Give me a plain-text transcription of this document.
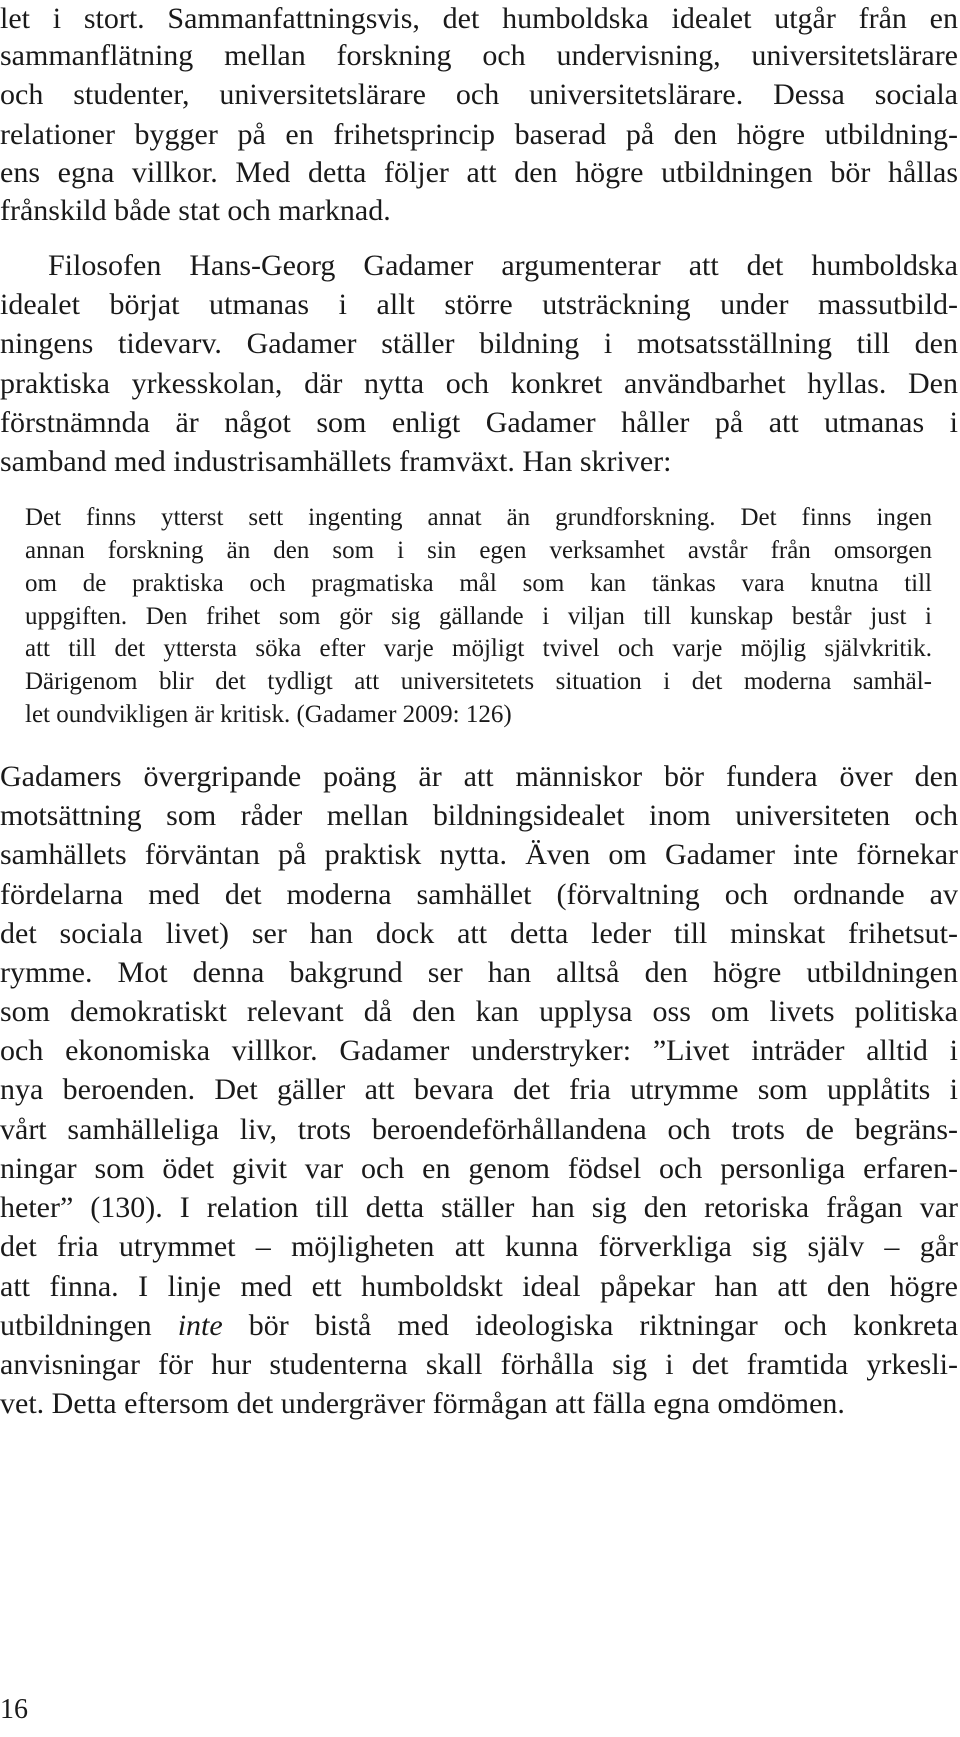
let i stort. Sammanfattningsvis, det humboldska idealet utgår från en

sammanflätning mellan forskning och undervisning, universitetslärare

och studenter, universitetslärare och universitetslärare. Dessa sociala

relationer bygger på en frihetsprincip baserad på den högre utbildning-

ens egna villkor. Med detta följer att den högre utbildningen bör hållas

frånskild både stat och marknad.

Filosofen Hans-Georg Gadamer argumenterar att det humboldska

idealet börjat utmanas i allt större utsträckning under massutbild-

ningens tidevarv. Gadamer ställer bildning i motsatsställning till den

praktiska yrkesskolan, där nytta och konkret användbarhet hyllas. Den

förstnämnda är något som enligt Gadamer håller på att utmanas i

samband med industrisamhällets framväxt. Han skriver:

Det finns ytterst sett ingenting annat än grundforskning. Det finns ingen

annan forskning än den som i sin egen verksamhet avstår från omsorgen

om de praktiska och pragmatiska mål som kan tänkas vara knutna till

uppgiften. Den frihet som gör sig gällande i viljan till kunskap består just i

att till det yttersta söka efter varje möjligt tvivel och varje möjlig självkritik.

Därigenom blir det tydligt att universitetets situation i det moderna samhäl-

let oundvikligen är kritisk. (Gadamer 2009: 126)

Gadamers övergripande poäng är att människor bör fundera över den

motsättning som råder mellan bildningsidealet inom universiteten och

samhällets förväntan på praktisk nytta. Även om Gadamer inte förnekar

fördelarna med det moderna samhället (förvaltning och ordnande av

det sociala livet) ser han dock att detta leder till minskat frihetsut-

rymme. Mot denna bakgrund ser han alltså den högre utbildningen

som demokratiskt relevant då den kan upplysa oss om livets politiska

och ekonomiska villkor. Gadamer understryker: ”Livet inträder alltid i

nya beroenden. Det gäller att bevara det fria utrymme som upplåtits i

vårt samhälleliga liv, trots beroendeförhållandena och trots de begräns-

ningar som ödet givit var och en genom födsel och personliga erfaren-

heter” (130). I relation till detta ställer han sig den retoriska frågan var

det fria utrymmet – möjligheten att kunna förverkliga sig själv – går

att finna. I linje med ett humboldskt ideal påpekar han att den högre

utbildningen inte bör bistå med ideologiska riktningar och konkreta

anvisningar för hur studenterna skall förhålla sig i det framtida yrkesli-

vet. Detta eftersom det undergräver förmågan att fälla egna omdömen.

16
